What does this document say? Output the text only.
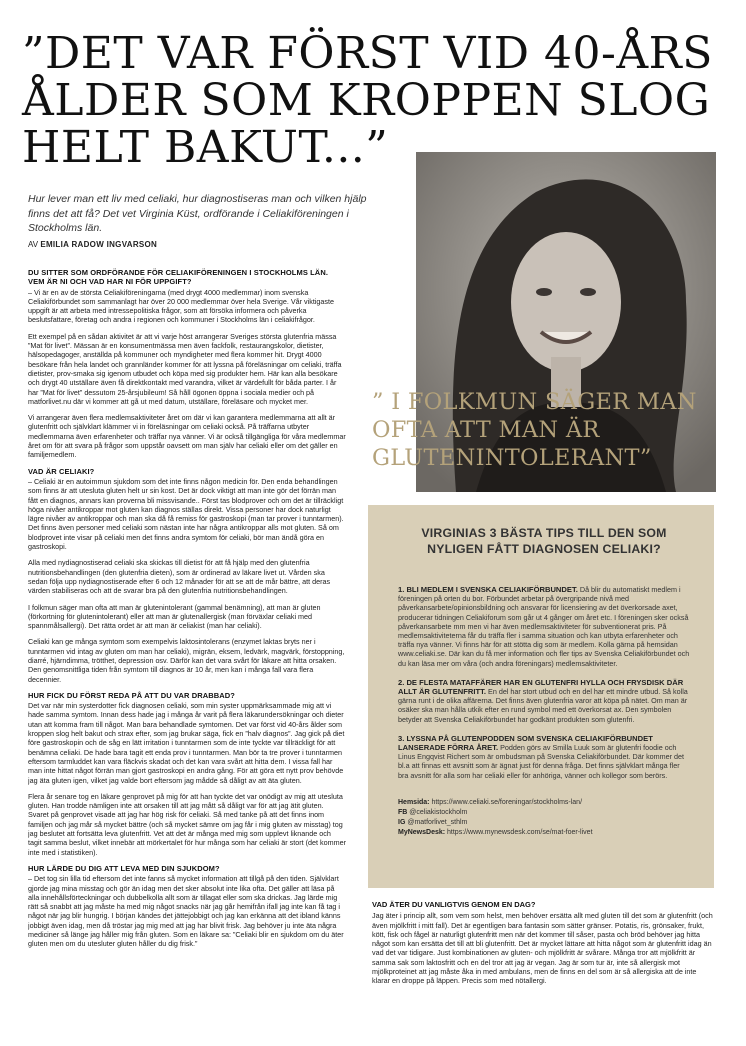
”DET VAR FÖRST VID 40-ÅRS ÅLDER SOM KROPPEN SLOG HELT BAKUT...”

Hur lever man ett liv med celiaki, hur diagnostiseras man och vilken hjälp finns det att få? Det vet Virginia Küst, ordförande i Celiakiföreningen i Stockholms län.

AV EMILIA RADOW INGVARSON
” I FOLKMUN SÄGER MAN OFTA ATT MAN ÄR GLUTENINTOLERANT”
DU SITTER SOM ORDFÖRANDE FÖR CELIAKIFÖRENINGEN I STOCKHOLMS LÄN. VEM ÄR NI OCH VAD HAR NI FÖR UPPGIFT?

– Vi är en av de största Celiakiföreningarna (med drygt 4000 medlemmar) inom svenska Celiakiförbundet som sammanlagt har över 20 000 medlemmar över hela Sverige. Vår viktigaste uppgift är att arbeta med intressepolitiska frågor, som att försöka informera och påverka beslutsfattare, företag och andra i regionen och kommuner i Stockholms län i celiakifrågor.

Ett exempel på en sådan aktivitet är att vi varje höst arrangerar Sveriges största glutenfria mässa ”Mat för livet”. Mässan är en konsumentmässa men även fackfolk, restaurangskolor, dietister, hälsopedagoger, anställda på kommuner och myndigheter med flera kommer hit. Drygt 4000 besökare från hela landet och grannländer kommer för att lyssna på föreläsningar om celiaki, träffa dietister, prov-smaka sig igenom utbudet och köpa med sig produkter hem. Här kan alla besökare och drygt 40 utställare även få direktkontakt med varandra, vilket är värdefullt för båda parter. I år har ”Mat för livet” dessutom 25-årsjubileum! Så håll ögonen öppna i sociala medier och på matforlivet.nu där vi kommer att gå ut med datum, utställare, föreläsare och mycket mer.

Vi arrangerar även flera medlemsaktiviteter året om där vi kan garantera medlemmarna att allt är glutenfritt och självklart klämmer vi in föreläsningar om celiaki också. På träffarna utbyter medlemmarna även erfarenheter och träffar nya vänner. Vi är också tillgängliga för våra medlemmar året om för att svara på frågor som uppstår oavsett om man själv har celiaki eller om det gäller en familjemedlem.

VAD ÄR CELIAKI?

– Celiaki är en autoimmun sjukdom som det inte finns någon medicin för. Den enda behandlingen som finns är att utesluta gluten helt ur sin kost. Det är dock viktigt att man inte gör det förrän man fått en diagnos, annars kan proverna bli missvisande.. Först tas blodprover och om det är tillräckligt höga nivåer antikroppar mot gluten kan diagnos ställas direkt. Vissa personer har dock naturligt lägre nivåer av antikroppar och man ska då få remiss för gastroskopi (man tar prover i tunntarmen). Det finns även personer med celiaki som nästan inte har några antikroppar alls mot gluten. Så om blodprovet inte visar på celiaki men det finns andra symtom för celiaki, bör man ändå göra en gastroskopi.

Alla med nydiagnostiserad celiaki ska skickas till dietist för att få hjälp med den glutenfria nutritionsbehandlingen (den glutenfria dieten), som är ordinerad av läkare livet ut. Vården ska sedan följa upp nydiagnostiserade efter 6 och 12 månader för att se att de mår bättre, att deras värden stabiliseras och att de svarar bra på den glutenfria nutritionsbehandlingen.

I folkmun säger man ofta att man är glutenintolerant (gammal benämning), att man är gluten (förkortning för glutenintolerant) eller att man är glutenallergisk (man förväxlar celiaki med spannmålsallergi). Det rätta ordet är att man är celiakist (man har celiaki).

Celiaki kan ge många symtom som exempelvis laktosintolerans (enzymet laktas bryts ner i tunntarmen vid intag av gluten om man har celiaki), migrän, eksem, ledvärk, magvärk, förstoppning, diarré, hjärndimma, trötthet, depression osv. Därför kan det vara svårt för läkare att hitta orsaken. Den genomsnittliga tiden från symtom till diagnos är 10 år, men kan i många fall vara flera decennier.

HUR FICK DU FÖRST REDA PÅ ATT DU VAR DRABBAD?

Det var när min systerdotter fick diagnosen celiaki, som min syster uppmärksammade mig att vi hade samma symtom. Innan dess hade jag i många år varit på flera läkarundersökningar och dieter utan att komma fram till något. Man bara behandlade symtomen. Det var först vid 40-års ålder som kroppen slog helt bakut och strax efter, som jag brukar säga, fick en ”halv diagnos”. Jag gick på diet före gastroskopin och de såg en lätt irritation i tunntarmen som de inte tyckte var tillräckligt för att benämna celiaki. De hade bara tagit ett enda prov i tunntarmen. Man bör ta tre prover i tunntarmen eftersom tarmluddet kan vara fläckvis skadat och det kan vara svårt att hitta dem. I vissa fall har man inte hittat något förrän man gjort gastroskopi en andra gång. För att göra ett nytt prov behövde jag äta gluten igen, vilket jag valde bort eftersom jag mådde så dåligt av att äta gluten.

Flera år senare tog en läkare genprovet på mig för att han tyckte det var onödigt av mig att utesluta gluten. Han trodde nämligen inte att orsaken till att jag mått så dåligt var för att jag ätit gluten. Svaret på genprovet visade att jag har hög risk för celiaki. Så med tanke på att det finns inom familjen och jag mår så mycket bättre (och så mycket sämre om jag får i mig gluten av misstag) tog jag beslutet att fortsätta leva glutenfritt. Vet att det är många med mig som upplevt liknande och tagit samma beslut, vilket innebär att mörkertalet för hur många som har celiaki är stort (det kommer inte med i statistiken).

HUR LÄRDE DU DIG ATT LEVA MED DIN SJUKDOM?

– Det tog sin lilla tid eftersom det inte fanns så mycket information att tillgå på den tiden. Självklart gjorde jag mina misstag och gör än idag men det sker absolut inte lika ofta. Det gäller att läsa på alla innehållsförteckningar och dubbelkolla allt som är tillagat eller som ska drickas. Jag lärde mig rätt så snabbt att jag måste ha med mig något snacks när jag går hemifrån ifall jag inte kan få tag i något när jag blir hungrig. I början kändes det jättejobbigt och jag kan erkänna att det ibland känns jobbigt även idag, men då tröstar jag mig med att jag har blivit frisk. Jag behöver ju inte äta några mediciner så länge jag håller mig från gluten. Som en läkare sa: ”Celiaki blir en sjukdom om du äter gluten men om du utesluter gluten håller du dig frisk.”

VIRGINIAS 3 BÄSTA TIPS TILL DEN SOM NYLIGEN FÅTT DIAGNOSEN CELIAKI?

1. BLI MEDLEM I SVENSKA CELIAKIFÖRBUNDET. Då blir du automatiskt medlem i föreningen på orten du bor. Förbundet arbetar på övergripande nivå med påverkansarbete/opinionsbildning och ansvarar för licensiering av det överkorsade axet, producerar tidningen Celiakiforum som går ut 4 gånger om året etc. I föreningen sker också påverkansarbete mm men vi har även medlemsaktiviteter för subventionerat pris. På medlemsaktiviteterna får du träffa fler i samma situation och kan utbyta erfarenheter och träffa nya vänner. Vi finns här för att stötta dig som är medlem. Kolla gärna på hemsidan www.celiaki.se. Där kan du få mer information och fler tips av Svenska Celiakiförbundet och du kan läsa mer om våra (och andra föreningars) medlemsaktiviteter.

2. DE FLESTA MATAFFÄRER HAR EN GLUTENFRI HYLLA OCH FRYSDISK DÄR ALLT ÄR GLUTENFRITT. En del har stort utbud och en del har ett mindre utbud. Så kolla gärna runt i de olika affärerna. Det finns även glutenfria varor att köpa på nätet. Om man är osäker ska man hålla utkik efter en rund symbol med ett överkorsat ax. Den symbolen betyder att Svenska Celiakiförbundet har godkänt produkten som glutenfri.

3. LYSSNA PÅ GLUTENPODDEN SOM SVENSKA CELIAKIFÖRBUNDET LANSERADE FÖRRA ÅRET. Podden görs av Smilla Luuk som är glutenfri foodie och Linus Engqvist Richert som är ombudsman på Svenska Celiakiförbundet. Där kommer det bl.a att finnas ett avsnitt som är ägnat just för denna fråga. Det finns självklart många fler bra avsnitt för alla som har celiaki eller för anhöriga, vänner och kollegor som berörs.

Hemsida: https://www.celiaki.se/foreningar/stockholms-lan/
FB @celiakistockholm
IG @matforlivet_sthlm
MyNewsDesk: https://www.mynewsdesk.com/se/mat-foer-livet
VAD ÄTER DU VANLIGTVIS GENOM EN DAG?

Jag äter i princip allt, som vem som helst, men behöver ersätta allt med gluten till det som är glutenfritt (och även mjölkfritt i mitt fall). Det är egentligen bara fantasin som sätter gränser. Potatis, ris, grönsaker, frukt, kött, fisk och fågel är naturligt glutenfritt men när det kommer till såser, pasta och bröd behöver jag hitta något som kan ersätta det till att bli glutenfritt. Det är mycket lättare att hitta något som är glutenfritt idag än vad det var tidigare. Just kombinationen av gluten- och mjölkfritt är svårare. Många tror att mjölkfritt är samma sak som laktosfritt och en del tror att jag är vegan. Jag är som tur är, inte så allergisk mot mjölkproteinet att jag måste åka in med ambulans, men de finns en del som är så allergiska att de inte klarar en droppe på läppen. Precis som med nötallergi.
